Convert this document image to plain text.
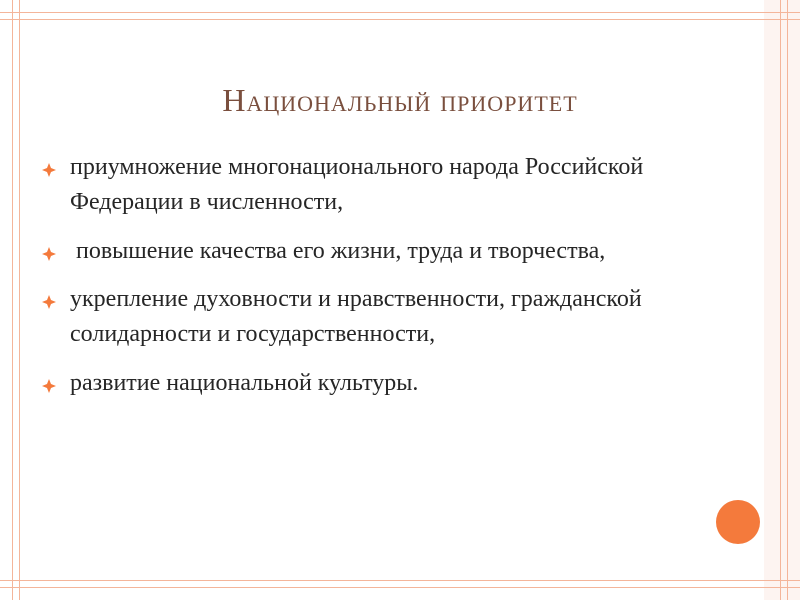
Национальный приоритет
приумножение многонационального народа Российской Федерации в численности,
повышение качества его жизни, труда и творчества,
укрепление духовности и нравственности, гражданской солидарности и государственности,
развитие национальной культуры.
